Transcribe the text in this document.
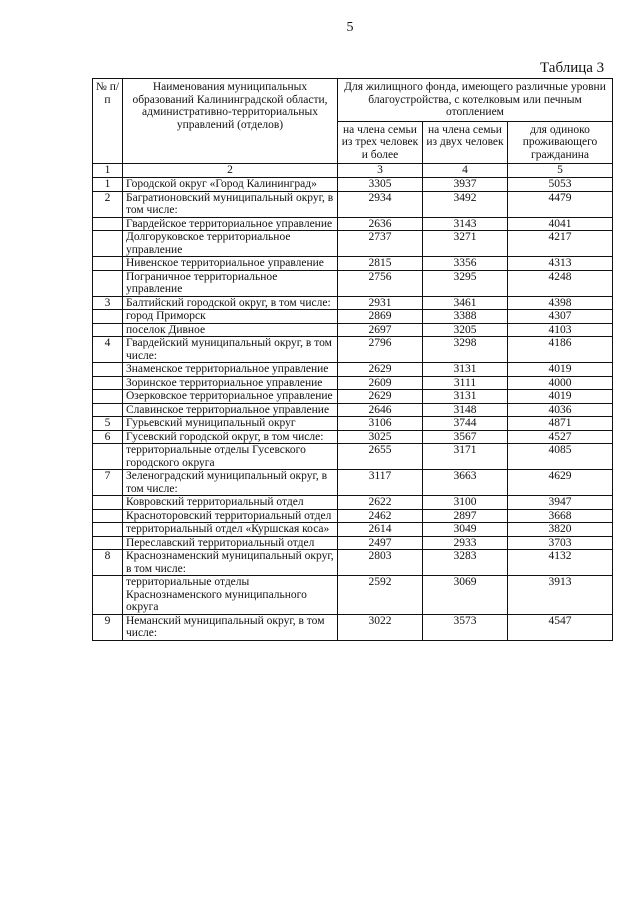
5
Таблица 3
№ п/п	Наименования муниципальных образований Калининградской области, административно-территориальных управлений (отделов)	Для жилищного фонда, имеющего различные уровни благоустройства, с котелковым или печным отоплением		
		на члена семьи из трех человек и более	на члена семьи из двух человек	для одиноко проживающего гражданина
1	2	3	4	5
1	Городской округ «Город Калининград»	3305	3937	5053
2	Багратионовский муниципальный округ, в том числе:	2934	3492	4479
	Гвардейское территориальное управление	2636	3143	4041
	Долгоруковское территориальное управление	2737	3271	4217
	Нивенское территориальное управление	2815	3356	4313
	Пограничное территориальное управление	2756	3295	4248
3	Балтийский городской округ, в том числе:	2931	3461	4398
	город Приморск	2869	3388	4307
	поселок Дивное	2697	3205	4103
4	Гвардейский муниципальный округ, в том числе:	2796	3298	4186
	Знаменское территориальное управление	2629	3131	4019
	Зоринское территориальное управление	2609	3111	4000
	Озерковское территориальное управление	2629	3131	4019
	Славинское территориальное управление	2646	3148	4036
5	Гурьевский муниципальный округ	3106	3744	4871
6	Гусевский городской округ, в том числе:	3025	3567	4527
	территориальные отделы Гусевского городского округа	2655	3171	4085
7	Зеленоградский муниципальный округ, в том числе:	3117	3663	4629
	Ковровский территориальный отдел	2622	3100	3947
	Красноторовский территориальный отдел	2462	2897	3668
	территориальный отдел «Куршская коса»	2614	3049	3820
	Переславский территориальный отдел	2497	2933	3703
8	Краснознаменский муниципальный округ, в том числе:	2803	3283	4132
	территориальные отделы Краснознаменского муниципального округа	2592	3069	3913
9	Неманский муниципальный округ, в том числе:	3022	3573	4547
